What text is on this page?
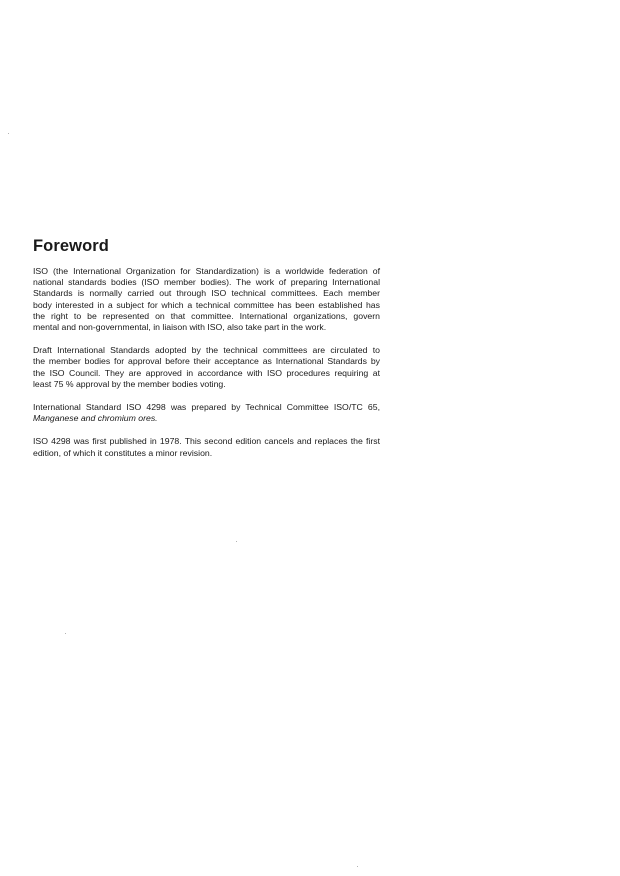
Foreword

ISO (the International Organization for Standardization) is a worldwide federation of
national standards bodies (ISO member bodies). The work of preparing International
Standards is normally carried out through ISO technical committees. Each member
body interested in a subject for which a technical committee has been established has
the right to be represented on that committee. International organizations, govern
mental and non-governmental, in liaison with ISO, also take part in the work.

Draft International Standards adopted by the technical committees are circulated to
the member bodies for approval before their acceptance as International Standards by
the ISO Council. They are approved in accordance with ISO procedures requiring at
least 75 % approval by the member bodies voting.

International Standard ISO 4298 was prepared by Technical Committee ISO/TC 65,
Manganese and chromium ores.

ISO 4298 was first published in 1978. This second edition cancels and replaces the first
edition, of which it constitutes a minor revision.
